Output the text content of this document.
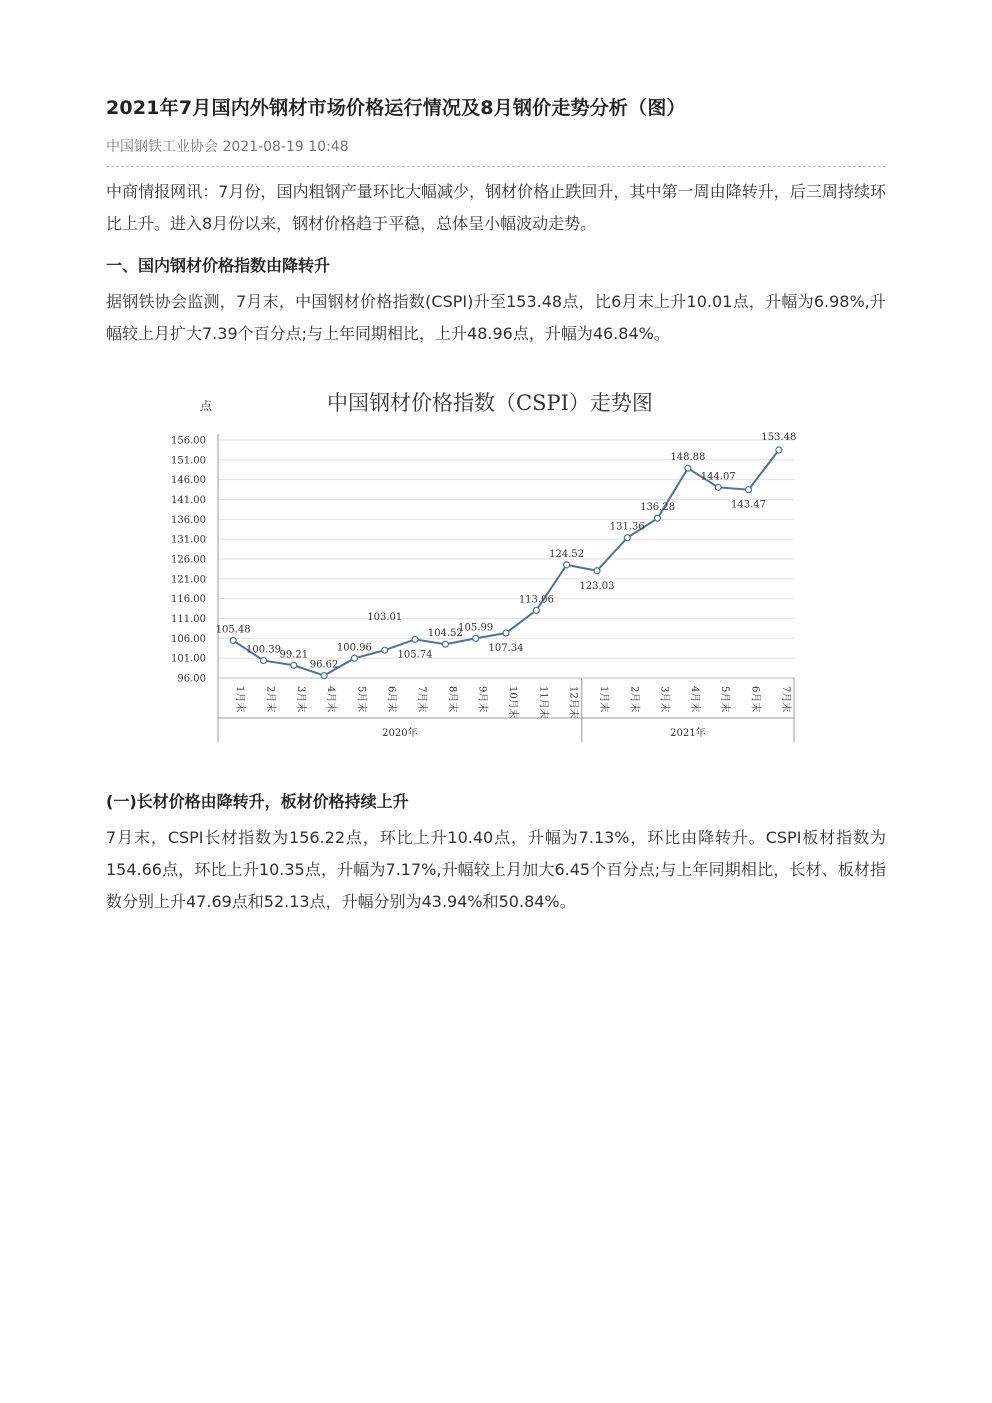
2021年7月国内外钢材市场价格运行情况及8月钢价走势分析（图）
中国钢铁工业协会 2021-08-19 10:48

中商情报网讯：7月份，国内粗钢产量环比大幅减少，钢材价格止跌回升，其中第一周由降转升，后三周持续环比上升。进入8月份以来，钢材价格趋于平稳，总体呈小幅波动走势。

一、国内钢材价格指数由降转升

据钢铁协会监测，7月末，中国钢材价格指数(CSPI)升至153.48点，比6月末上升10.01点，升幅为6.98%,升幅较上月扩大7.39个百分点;与上年同期相比，上升48.96点，升幅为46.84%。

(一)长材价格由降转升，板材价格持续上升

7月末，CSPI长材指数为156.22点，环比上升10.40点，升幅为7.13%，环比由降转升。CSPI板材指数为154.66点，环比上升10.35点，升幅为7.17%,升幅较上月加大6.45个百分点;与上年同期相比，长材、板材指数分别上升47.69点和52.13点，升幅分别为43.94%和50.84%。

点	中国钢材价格指数（CSPI）走势图
96.00
101.00
106.00
111.00
116.00
121.00
126.00
131.00
136.00
141.00
146.00
151.00
156.00
1月末 2月末 3月末 4月末 5月末 6月末 7月末 8月末 9月末 10月末 11月末 12月末 1月末 2月末 3月末 4月末 5月末 6月末 7月末
2020年	2021年
105.48
100.39
99.21
96.62
100.96
103.01
105.74
104.52
105.99
107.34
113.06
124.52
123.03
131.36
136.28
148.88
144.07
143.47
153.48
